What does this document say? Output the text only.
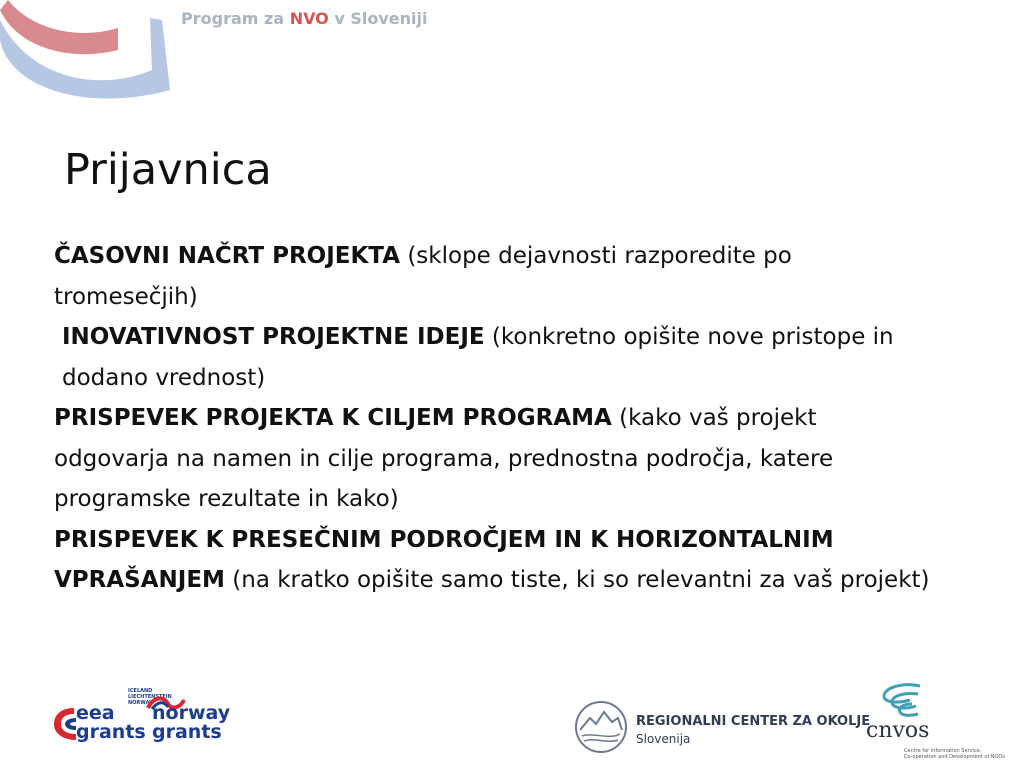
Program za NVO v Sloveniji
Prijavnica

ČASOVNI NAČRT PROJEKTA (sklope dejavnosti razporedite po tromesečjih)

INOVATIVNOST PROJEKTNE IDEJE (konkretno opišite nove pristope in dodano vrednost)

PRISPEVEK PROJEKTA K CILJEM PROGRAMA (kako vaš projekt odgovarja na namen in cilje programa, prednostna področja, katere programske rezultate in kako)

PRISPEVEK K PRESEČNIM PODROČJEM IN K HORIZONTALNIM VPRAŠANJEM (na kratko opišite samo tiste, ki so relevantni za vaš projekt)

ICELAND
LIECHTENSTEIN
NORWAY
eea
grants
norway
grants	REGIONALNI CENTER ZA OKOLJE
Slovenija	cnvos
Centre for Information Service,
Co-operation and Development of NGOs
